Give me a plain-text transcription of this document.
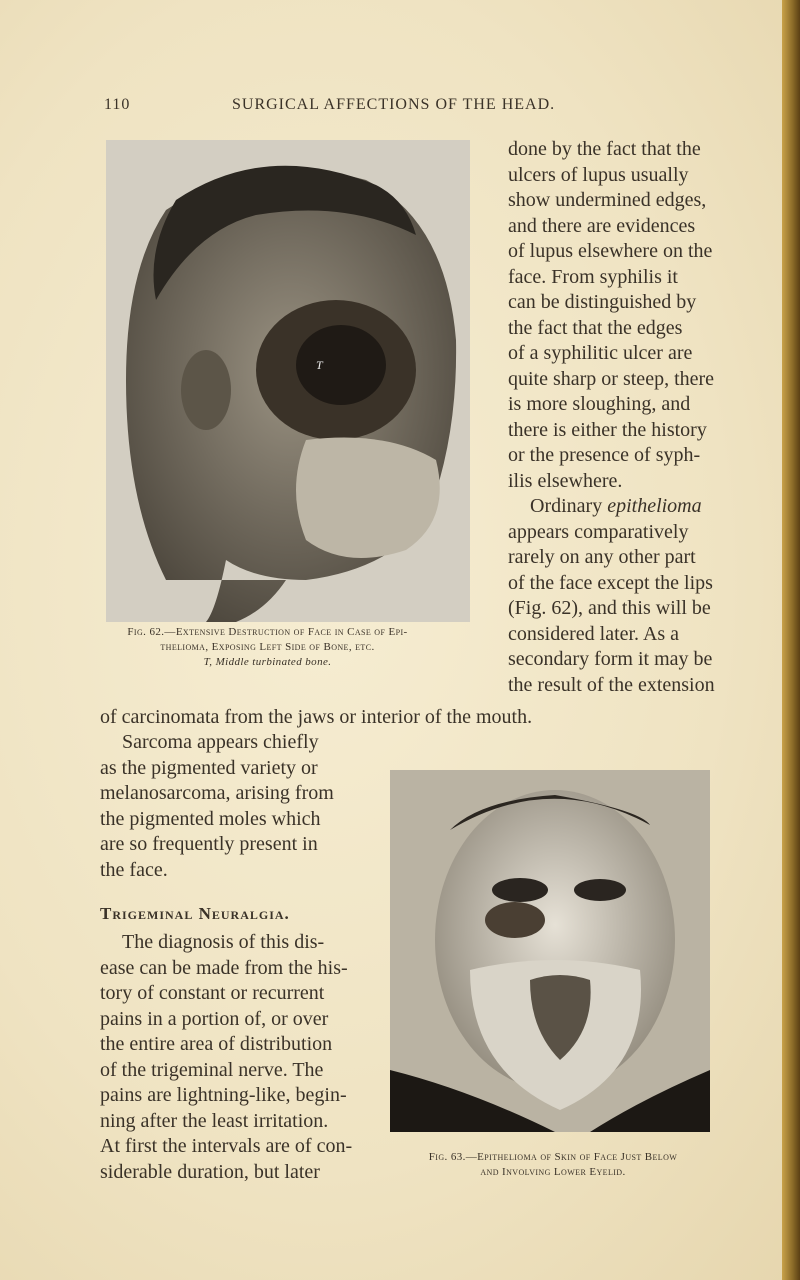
110	SURGICAL AFFECTIONS OF THE HEAD.
T
Fig. 62.—Extensive Destruction of Face in Case of Epi-
thelioma, Exposing Left Side of Bone, etc.
T, Middle turbinated bone.
done by the fact that the
ulcers of lupus usually
show undermined edges,
and there are evidences
of lupus elsewhere on the
face. From syphilis it
can be distinguished by
the fact that the edges
of a syphilitic ulcer are
quite sharp or steep, there
is more sloughing, and
there is either the history
or the presence of syph-
ilis elsewhere.
Ordinary epithelioma
appears comparatively
rarely on any other part
of the face except the lips
(Fig. 62), and this will be
considered later. As a
secondary form it may be
the result of the extension
of carcinomata from the jaws or interior of the mouth.
Sarcoma appears chiefly
as the pigmented variety or
melanosarcoma, arising from
the pigmented moles which
are so frequently present in
the face.
Trigeminal Neuralgia.
The diagnosis of this dis-
ease can be made from the his-
tory of constant or recurrent
pains in a portion of, or over
the entire area of distribution
of the trigeminal nerve. The
pains are lightning-like, begin-
ning after the least irritation.
At first the intervals are of con-
siderable duration, but later
Fig. 63.—Epithelioma of Skin of Face Just Below
and Involving Lower Eyelid.
